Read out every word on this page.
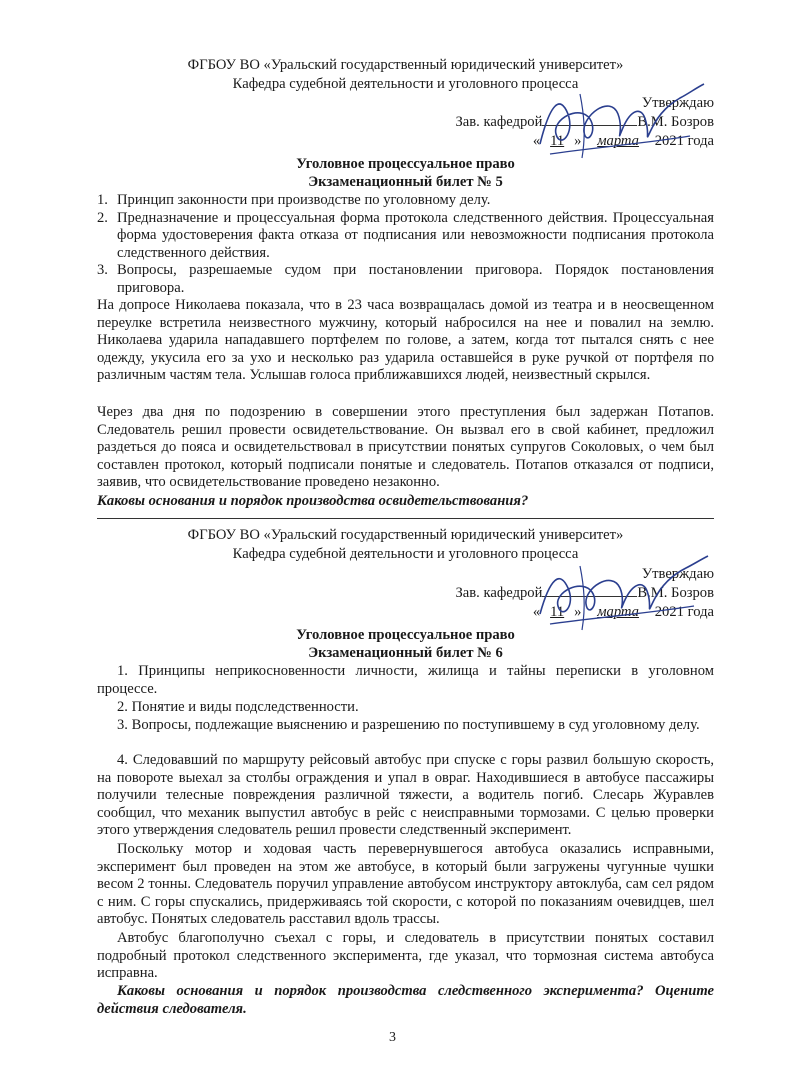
ФГБОУ ВО «Уральский государственный юридический университет»
Кафедра судебной деятельности и уголовного процесса
Утверждаю
Зав. кафедрой	В.М. Бозров
« 11 » марта 2021 года
Уголовное процессуальное право
Экзаменационный билет № 5
1. Принцип законности при производстве по уголовному делу.
2. Предназначение и процессуальная форма протокола следственного действия. Процессуальная форма удостоверения факта отказа от подписания или невозможности подписания протокола следственного действия.
3. Вопросы, разрешаемые судом при постановлении приговора. Порядок постановления приговора.
На допросе Николаева показала, что в 23 часа возвращалась домой из театра и в неосвещенном переулке встретила неизвестного мужчину, который набросился на нее и повалил на землю. Николаева ударила нападавшего портфелем по голове, а затем, когда тот пытался снять с нее одежду, укусила его за ухо и несколько раз ударила оставшейся в руке ручкой от портфеля по различным частям тела. Услышав голоса приближавшихся людей, неизвестный скрылся.
Через два дня по подозрению в совершении этого преступления был задержан Потапов. Следователь решил провести освидетельствование. Он вызвал его в свой кабинет, предложил раздеться до пояса и освидетельствовал в присутствии понятых супругов Соколовых, о чем был составлен протокол, который подписали понятые и следователь. Потапов отказался от подписи, заявив, что освидетельствование проведено незаконно.
Каковы основания и порядок производства освидетельствования?
ФГБОУ ВО «Уральский государственный юридический университет»
Кафедра судебной деятельности и уголовного процесса
Утверждаю
Зав. кафедрой	В.М. Бозров
« 11 » марта 2021 года
Уголовное процессуальное право
Экзаменационный билет № 6
1. Принципы неприкосновенности личности, жилища и тайны переписки в уголовном процессе.
2. Понятие и виды подследственности.
3. Вопросы, подлежащие выяснению и разрешению по поступившему в суд уголовному делу.
4. Следовавший по маршруту рейсовый автобус при спуске с горы развил большую скорость, на повороте выехал за столбы ограждения и упал в овраг. Находившиеся в автобусе пассажиры получили телесные повреждения различной тяжести, а водитель погиб. Слесарь Журавлев сообщил, что механик выпустил автобус в рейс с неисправными тормозами. С целью проверки этого утверждения следователь решил провести следственный эксперимент.
Поскольку мотор и ходовая часть перевернувшегося автобуса оказались исправными, эксперимент был проведен на этом же автобусе, в который были загружены чугунные чушки весом 2 тонны. Следователь поручил управление автобусом инструктору автоклуба, сам сел рядом с ним. С горы спускались, придерживаясь той скорости, с которой по показаниям очевидцев, шел автобус. Понятых следователь расставил вдоль трассы.
Автобус благополучно съехал с горы, и следователь в присутствии понятых составил подробный протокол следственного эксперимента, где указал, что тормозная система автобуса исправна.
Каковы основания и порядок производства следственного эксперимента? Оцените действия следователя.
3
